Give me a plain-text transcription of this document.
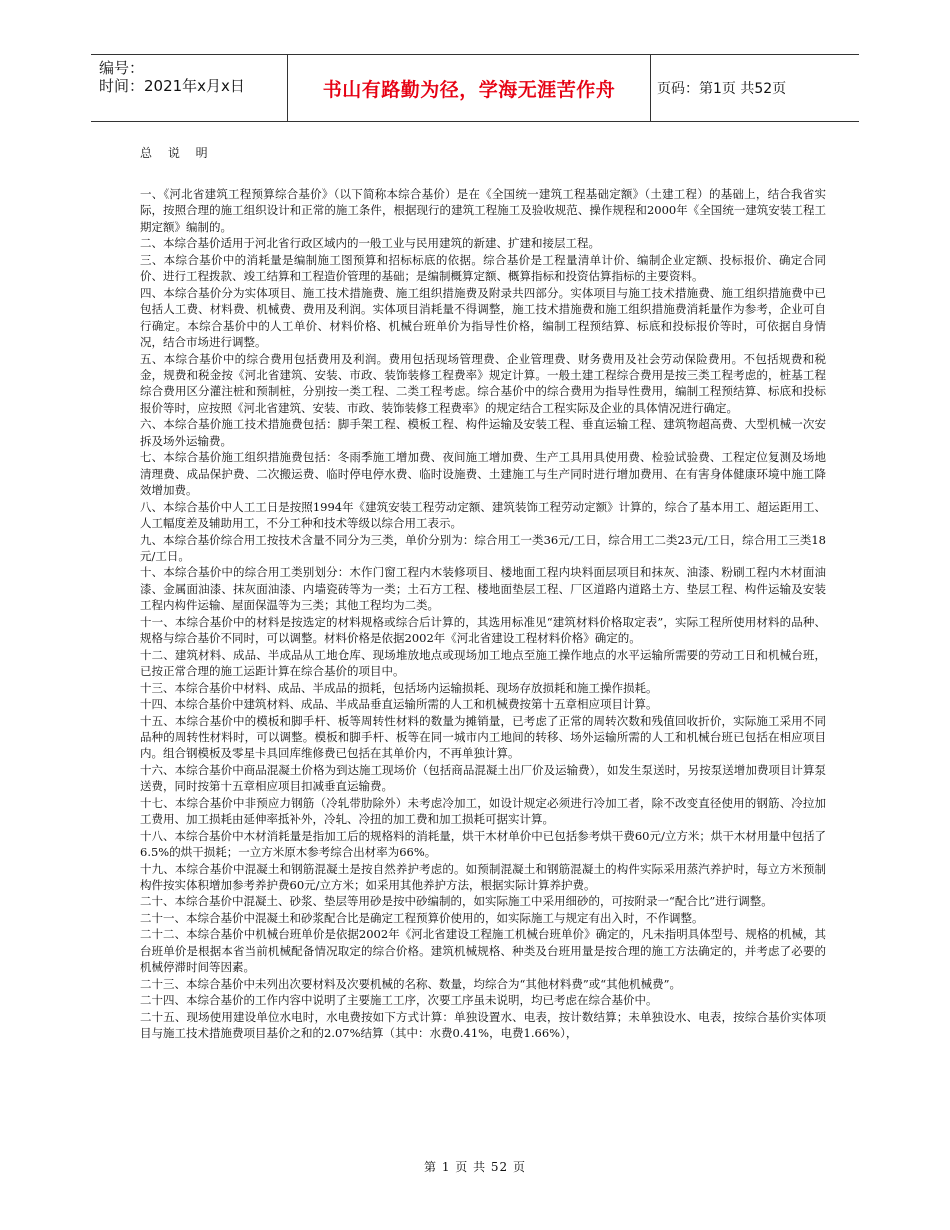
编号：
时间：2021年x月x日	书山有路勤为径，学海无涯苦作舟	页码：第1页 共52页
总 说 明

一、《河北省建筑工程预算综合基价》（以下简称本综合基价）是在《全国统一建筑工程基础定额》（土建工程）的基础上，结合我省实际，按照合理的施工组织设计和正常的施工条件，根据现行的建筑工程施工及验收规范、操作规程和2000年《全国统一建筑安装工程工期定额》编制的。

二、本综合基价适用于河北省行政区域内的一般工业与民用建筑的新建、扩建和接层工程。

三、本综合基价中的消耗量是编制施工图预算和招标标底的依据。综合基价是工程量清单计价、编制企业定额、投标报价、确定合同价、进行工程拨款、竣工结算和工程造价管理的基础；是编制概算定额、概算指标和投资估算指标的主要资料。

四、本综合基价分为实体项目、施工技术措施费、施工组织措施费及附录共四部分。实体项目与施工技术措施费、施工组织措施费中已包括人工费、材料费、机械费、费用及利润。实体项目消耗量不得调整，施工技术措施费和施工组织措施费消耗量作为参考，企业可自行确定。本综合基价中的人工单价、材料价格、机械台班单价为指导性价格，编制工程预结算、标底和投标报价等时，可依据自身情况，结合市场进行调整。

五、本综合基价中的综合费用包括费用及利润。费用包括现场管理费、企业管理费、财务费用及社会劳动保险费用。不包括规费和税金，规费和税金按《河北省建筑、安装、市政、装饰装修工程费率》规定计算。一般土建工程综合费用是按三类工程考虑的，桩基工程综合费用区分灌注桩和预制桩，分别按一类工程、二类工程考虑。综合基价中的综合费用为指导性费用，编制工程预结算、标底和投标报价等时，应按照《河北省建筑、安装、市政、装饰装修工程费率》的规定结合工程实际及企业的具体情况进行确定。

六、本综合基价施工技术措施费包括：脚手架工程、模板工程、构件运输及安装工程、垂直运输工程、建筑物超高费、大型机械一次安拆及场外运输费。

七、本综合基价施工组织措施费包括：冬雨季施工增加费、夜间施工增加费、生产工具用具使用费、检验试验费、工程定位复测及场地清理费、成品保护费、二次搬运费、临时停电停水费、临时设施费、土建施工与生产同时进行增加费用、在有害身体健康环境中施工降效增加费。

八、本综合基价中人工工日是按照1994年《建筑安装工程劳动定额、建筑装饰工程劳动定额》计算的，综合了基本用工、超运距用工、人工幅度差及辅助用工，不分工种和技术等级以综合用工表示。

九、本综合基价综合用工按技术含量不同分为三类，单价分别为：综合用工一类36元/工日，综合用工二类23元/工日，综合用工三类18元/工日。

十、本综合基价中的综合用工类别划分：木作门窗工程内木装修项目、楼地面工程内块料面层项目和抹灰、油漆、粉刷工程内木材面油漆、金属面油漆、抹灰面油漆、内墙瓷砖等为一类；土石方工程、楼地面垫层工程、厂区道路内道路土方、垫层工程、构件运输及安装工程内构件运输、屋面保温等为三类；其他工程均为二类。

十一、本综合基价中的材料是按选定的材料规格或综合后计算的，其选用标准见“建筑材料价格取定表”，实际工程所使用材料的品种、规格与综合基价不同时，可以调整。材料价格是依据2002年《河北省建设工程材料价格》确定的。

十二、建筑材料、成品、半成品从工地仓库、现场堆放地点或现场加工地点至施工操作地点的水平运输所需要的劳动工日和机械台班，已按正常合理的施工运距计算在综合基价的项目中。

十三、本综合基价中材料、成品、半成品的损耗，包括场内运输损耗、现场存放损耗和施工操作损耗。

十四、本综合基价中建筑材料、成品、半成品垂直运输所需的人工和机械费按第十五章相应项目计算。

十五、本综合基价中的模板和脚手杆、板等周转性材料的数量为摊销量，已考虑了正常的周转次数和残值回收折价，实际施工采用不同品种的周转性材料时，可以调整。模板和脚手杆、板等在同一城市内工地间的转移、场外运输所需的人工和机械台班已包括在相应项目内。组合钢模板及零星卡具回库维修费已包括在其单价内，不再单独计算。

十六、本综合基价中商品混凝土价格为到达施工现场价（包括商品混凝土出厂价及运输费），如发生泵送时，另按泵送增加费项目计算泵送费，同时按第十五章相应项目扣减垂直运输费。

十七、本综合基价中非预应力钢筋（冷轧带肋除外）未考虑冷加工，如设计规定必须进行冷加工者，除不改变直径使用的钢筋、冷拉加工费用、加工损耗由延伸率抵补外，冷轧、冷扭的加工费和加工损耗可据实计算。

十八、本综合基价中木材消耗量是指加工后的规格料的消耗量，烘干木材单价中已包括参考烘干费60元/立方米；烘干木材用量中包括了6.5%的烘干损耗；一立方米原木参考综合出材率为66%。

十九、本综合基价中混凝土和钢筋混凝土是按自然养护考虑的。如预制混凝土和钢筋混凝土的构件实际采用蒸汽养护时，每立方米预制构件按实体积增加参考养护费60元/立方米；如采用其他养护方法，根据实际计算养护费。

二十、本综合基价中混凝土、砂浆、垫层等用砂是按中砂编制的，如实际施工中采用细砂的，可按附录一“配合比”进行调整。

二十一、本综合基价中混凝土和砂浆配合比是确定工程预算价使用的，如实际施工与规定有出入时，不作调整。

二十二、本综合基价中机械台班单价是依据2002年《河北省建设工程施工机械台班单价》确定的，凡未指明具体型号、规格的机械，其台班单价是根据本省当前机械配备情况取定的综合价格。建筑机械规格、种类及台班用量是按合理的施工方法确定的，并考虑了必要的机械停滞时间等因素。

二十三、本综合基价中未列出次要材料及次要机械的名称、数量，均综合为“其他材料费”或“其他机械费”。

二十四、本综合基价的工作内容中说明了主要施工工序，次要工序虽未说明，均已考虑在综合基价中。

二十五、现场使用建设单位水电时，水电费按如下方式计算：单独设置水、电表，按计数结算；未单独设水、电表，按综合基价实体项目与施工技术措施费项目基价之和的2.07%结算（其中：水费0.41%，电费1.66%），

第 1 页 共 52 页
